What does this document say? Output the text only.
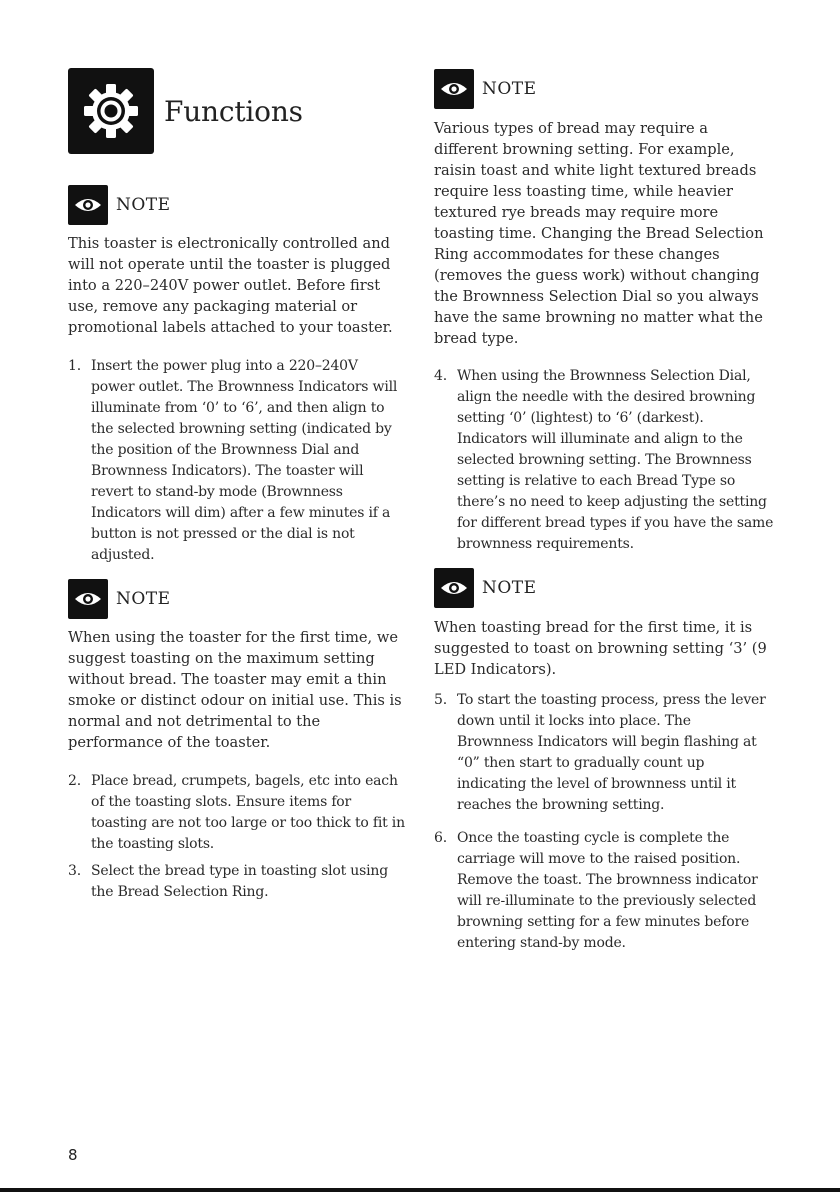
Functions
NOTE

This toaster is electronically controlled and will not operate until the toaster is plugged into a 220–240V power outlet. Before first use, remove any packaging material or promotional labels attached to your toaster.

1. Insert the power plug into a 220–240V power outlet. The Brownness Indicators will illuminate from ‘0’ to ‘6’, and then align to the selected browning setting (indicated by the position of the Brownness Dial and Brownness Indicators). The toaster will revert to stand-by mode (Brownness Indicators will dim) after a few minutes if a button is not pressed or the dial is not adjusted.
NOTE

When using the toaster for the first time, we suggest toasting on the maximum setting without bread. The toaster may emit a thin smoke or distinct odour on initial use. This is normal and not detrimental to the performance of the toaster.

2. Place bread, crumpets, bagels, etc into each of the toasting slots. Ensure items for toasting are not too large or too thick to fit in the toasting slots.
3. Select the bread type in toasting slot using the Bread Selection Ring.
NOTE

Various types of bread may require a different browning setting. For example, raisin toast and white light textured breads require less toasting time, while heavier textured rye breads may require more toasting time. Changing the Bread Selection Ring accommodates for these changes (removes the guess work) without changing the Brownness Selection Dial so you always have the same browning no matter what the bread type.

4. When using the Brownness Selection Dial, align the needle with the desired browning setting ‘0’ (lightest) to ‘6’ (darkest). Indicators will illuminate and align to the selected browning setting. The Brownness setting is relative to each Bread Type so there’s no need to keep adjusting the setting for different bread types if you have the same brownness requirements.
NOTE

When toasting bread for the first time, it is suggested to toast on browning setting ‘3’ (9 LED Indicators).

5. To start the toasting process, press the lever down until it locks into place. The Brownness Indicators will begin flashing at “0” then start to gradually count up indicating the level of brownness until it reaches the browning setting.
6. Once the toasting cycle is complete the carriage will move to the raised position. Remove the toast. The brownness indicator will re-illuminate to the previously selected browning setting for a few minutes before entering stand-by mode.
8
